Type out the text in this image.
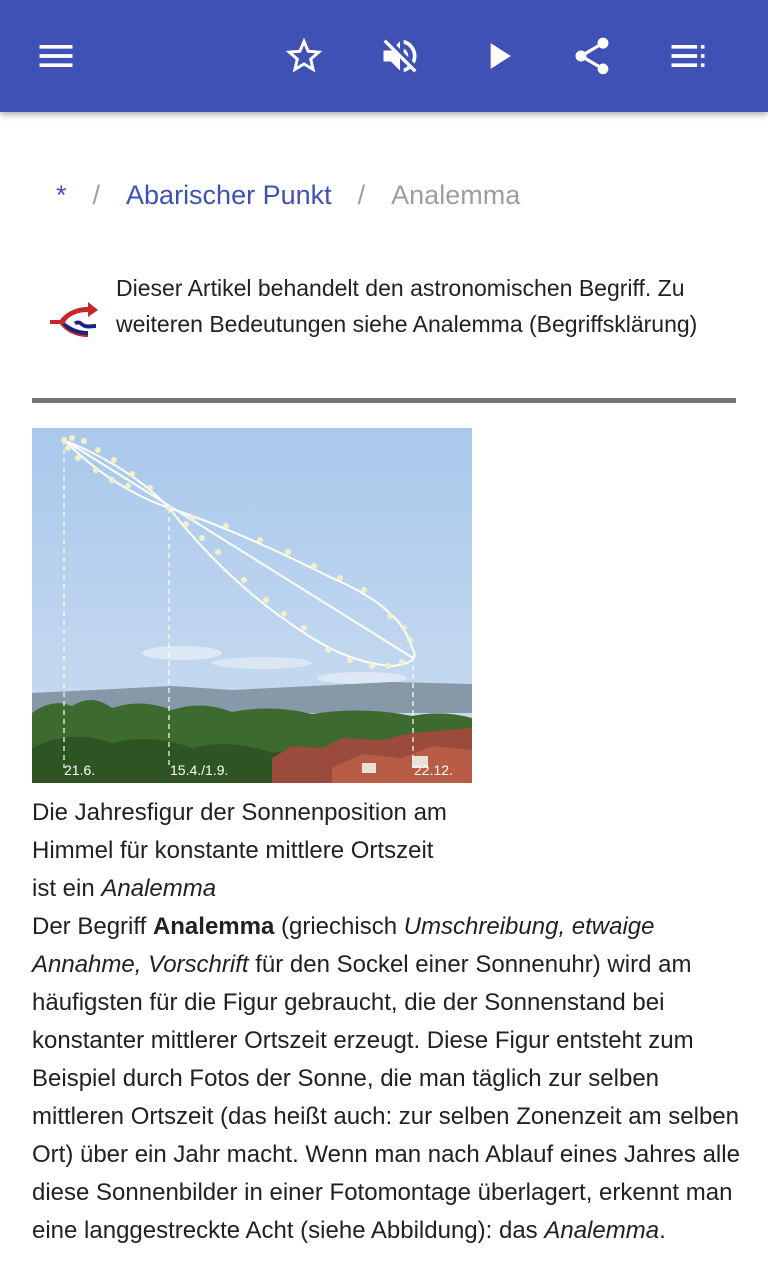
* / Abarischer Punkt / Analemma
Dieser Artikel behandelt den astronomischen Begriff. Zu weiteren Bedeutungen siehe Analemma (Begriffsklärung)
21.6.	15.4./1.9.	22.12.
Die Jahresfigur der Sonnenposition am Himmel für konstante mittlere Ortszeit ist ein Analemma
Der Begriff Analemma (griechisch Umschreibung, etwaige Annahme, Vorschrift für den Sockel einer Sonnenuhr) wird am häufigsten für die Figur gebraucht, die der Sonnenstand bei konstanter mittlerer Ortszeit erzeugt. Diese Figur entsteht zum Beispiel durch Fotos der Sonne, die man täglich zur selben mittleren Ortszeit (das heißt auch: zur selben Zonenzeit am selben Ort) über ein Jahr macht. Wenn man nach Ablauf eines Jahres alle diese Sonnenbilder in einer Fotomontage überlagert, erkennt man eine langgestreckte Acht (siehe Abbildung): das Analemma.
